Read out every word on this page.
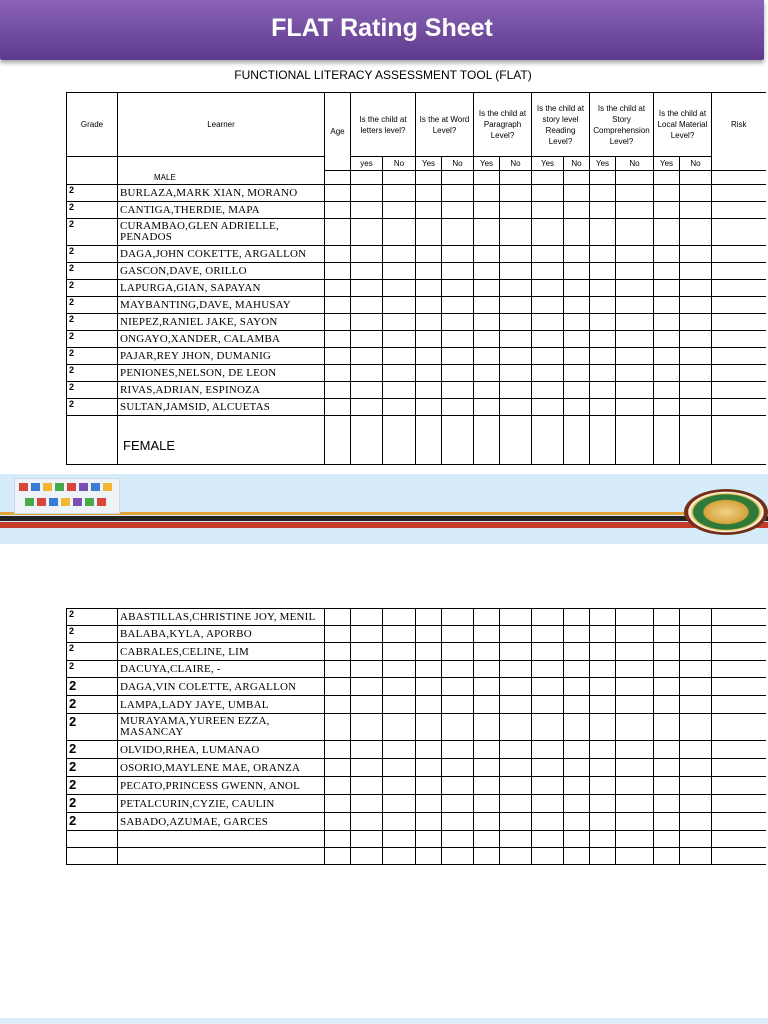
FLAT Rating Sheet
FUNCTIONAL LITERACY ASSESSMENT TOOL (FLAT)
Grade	Learner	Age	Is the child at letters level?		Is the at Word Level?		Is the child at Paragraph Level?		Is the child at story level Reading Level?		Is the child at Story Comprehension Level?		Is the child at Local Material Level?		Risk
			yes	No	Yes	No	Yes	No	Yes	No	Yes	No	Yes	No	
	MALE														
2	BURLAZA,MARK XIAN, MORANO														
2	CANTIGA,THERDIE, MAPA														
2	CURAMBAO,GLEN ADRIELLE, PENADOS														
2	DAGA,JOHN COKETTE, ARGALLON														
2	GASCON,DAVE, ORILLO														
2	LAPURGA,GIAN, SAPAYAN														
2	MAYBANTING,DAVE, MAHUSAY														
2	NIEPEZ,RANIEL JAKE, SAYON														
2	ONGAYO,XANDER, CALAMBA														
2	PAJAR,REY JHON, DUMANIG														
2	PENIONES,NELSON, DE LEON														
2	RIVAS,ADRIAN, ESPINOZA														
2	SULTAN,JAMSID, ALCUETAS														
	FEMALE														
2	ABASTILLAS,CHRISTINE JOY, MENIL														
2	BALABA,KYLA, APORBO														
2	CABRALES,CELINE, LIM														
2	DACUYA,CLAIRE, -														
2	DAGA,VIN COLETTE, ARGALLON														
2	LAMPA,LADY JAYE, UMBAL														
2	MURAYAMA,YUREEN EZZA, MASANCAY														
2	OLVIDO,RHEA, LUMANAO														
2	OSORIO,MAYLENE MAE, ORANZA														
2	PECATO,PRINCESS GWENN, ANOL														
2	PETALCURIN,CYZIE, CAULIN														
2	SABADO,AZUMAE, GARCES														
